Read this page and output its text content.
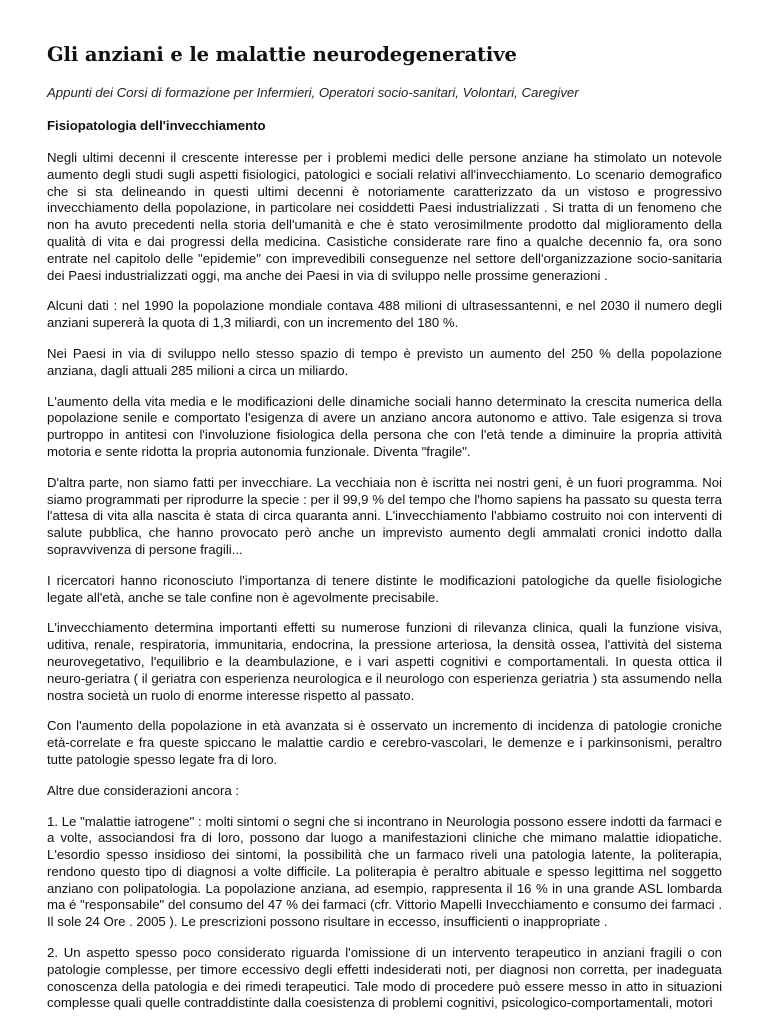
Gli anziani e le malattie neurodegenerative
Appunti dei Corsi di formazione per Infermieri, Operatori socio-sanitari, Volontari, Caregiver
Fisiopatologia dell'invecchiamento

Negli ultimi decenni il crescente interesse per i problemi medici delle persone anziane ha stimolato un notevole aumento degli studi sugli aspetti fisiologici, patologici e sociali relativi all'invecchiamento. Lo scenario demografico che si sta delineando in questi ultimi decenni è notoriamente caratterizzato da un vistoso e progressivo invecchiamento della popolazione, in particolare nei cosiddetti Paesi industrializzati . Si tratta di un fenomeno che non ha avuto precedenti nella storia dell'umanità e che è stato verosimilmente prodotto dal miglioramento della qualità di vita e dai progressi della medicina. Casistiche considerate rare fino a qualche decennio fa, ora sono entrate nel capitolo delle "epidemie" con imprevedibili conseguenze nel settore dell'organizzazione socio-sanitaria dei Paesi industrializzati oggi, ma anche dei Paesi in via di sviluppo nelle prossime generazioni .

Alcuni dati : nel 1990 la popolazione mondiale contava 488 milioni di ultrasessantenni, e nel 2030 il numero degli anziani supererà la quota di 1,3 miliardi, con un incremento del 180 %.

Nei Paesi in via di sviluppo nello stesso spazio di tempo è previsto un aumento del 250 % della popolazione anziana, dagli attuali 285 milioni a circa un miliardo.

L'aumento della vita media e le modificazioni delle dinamiche sociali hanno determinato la crescita numerica della popolazione senile e comportato l'esigenza di avere un anziano ancora autonomo e attivo. Tale esigenza si trova purtroppo in antitesi con l'involuzione fisiologica della persona che con l'età tende a diminuire la propria attività motoria e sente ridotta la propria autonomia funzionale. Diventa "fragile".

D'altra parte, non siamo fatti per invecchiare. La vecchiaia non è iscritta nei nostri geni, è un fuori programma. Noi siamo programmati per riprodurre la specie : per il 99,9 % del tempo che l'homo sapiens ha passato su questa terra l'attesa di vita alla nascita è stata di circa quaranta anni. L'invecchiamento l'abbiamo costruito noi con interventi di salute pubblica, che hanno provocato però anche un imprevisto aumento degli ammalati cronici indotto dalla sopravvivenza di persone fragili...

I ricercatori hanno riconosciuto l'importanza di tenere distinte le modificazioni patologiche da quelle fisiologiche legate all'età, anche se tale confine non è agevolmente precisabile.

L'invecchiamento determina importanti effetti su numerose funzioni di rilevanza clinica, quali la funzione visiva, uditiva, renale, respiratoria, immunitaria, endocrina, la pressione arteriosa, la densità ossea, l'attività del sistema neurovegetativo, l'equilibrio e la deambulazione, e i vari aspetti cognitivi e comportamentali. In questa ottica il neuro-geriatra ( il geriatra con esperienza neurologica e il neurologo con esperienza geriatria ) sta assumendo nella nostra società un ruolo di enorme interesse rispetto al passato.

Con l'aumento della popolazione in età avanzata si è osservato un incremento di incidenza di patologie croniche età-correlate e fra queste spiccano le malattie cardio e cerebro-vascolari, le demenze e i parkinsonismi, peraltro tutte patologie spesso legate fra di loro.

Altre due considerazioni ancora :

1. Le "malattie iatrogene" : molti sintomi o segni che si incontrano in Neurologia possono essere indotti da farmaci e a volte, associandosi fra di loro, possono dar luogo a manifestazioni cliniche che mimano malattie idiopatiche. L'esordio spesso insidioso dei sintomi, la possibilità che un farmaco riveli una patologia latente, la politerapia, rendono questo tipo di diagnosi a volte difficile. La politerapia è peraltro abituale e spesso legittima nel soggetto anziano con polipatologia. La popolazione anziana, ad esempio, rappresenta il 16 % in una grande ASL lombarda ma é "responsabile" del consumo del 47 % dei farmaci (cfr. Vittorio Mapelli Invecchiamento e consumo dei farmaci . Il sole 24 Ore . 2005 ). Le prescrizioni possono risultare in eccesso, insufficienti o inappropriate .

2. Un aspetto spesso poco considerato riguarda l'omissione di un intervento terapeutico in anziani fragili o con patologie complesse, per timore eccessivo degli effetti indesiderati noti, per diagnosi non corretta, per inadeguata conoscenza della patologia e dei rimedi terapeutici. Tale modo di procedere può essere messo in atto in situazioni complesse quali quelle contraddistinte dalla coesistenza di problemi cognitivi, psicologico-comportamentali, motori
